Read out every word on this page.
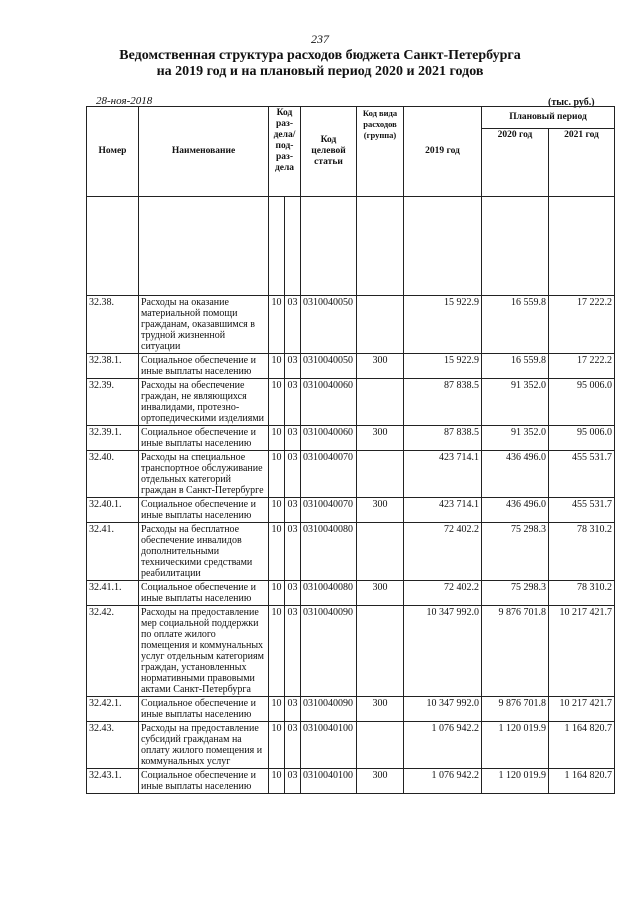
237
Ведомственная структура расходов бюджета Санкт-Петербурга
на 2019 год и на плановый период 2020 и 2021 годов
28-ноя-2018	(тыс. руб.)
Номер	Наименование	Код раз-дела/ под-раз-дела		Код целевой статьи	Код вида расходов (группа)	2019 год	Плановый период	
							2020 год	2021 год

32.38.	Расходы на оказание материальной помощи гражданам, оказавшимся в трудной жизненной ситуации	10	03	0310040050		15 922.9	16 559.8	17 222.2
32.38.1.	Социальное обеспечение и иные выплаты населению	10	03	0310040050	300	15 922.9	16 559.8	17 222.2
32.39.	Расходы на обеспечение граждан, не являющихся инвалидами, протезно-ортопедическими изделиями	10	03	0310040060		87 838.5	91 352.0	95 006.0
32.39.1.	Социальное обеспечение и иные выплаты населению	10	03	0310040060	300	87 838.5	91 352.0	95 006.0
32.40.	Расходы на специальное транспортное обслуживание отдельных категорий граждан в Санкт-Петербурге	10	03	0310040070		423 714.1	436 496.0	455 531.7
32.40.1.	Социальное обеспечение и иные выплаты населению	10	03	0310040070	300	423 714.1	436 496.0	455 531.7
32.41.	Расходы на бесплатное обеспечение инвалидов дополнительными техническими средствами реабилитации	10	03	0310040080		72 402.2	75 298.3	78 310.2
32.41.1.	Социальное обеспечение и иные выплаты населению	10	03	0310040080	300	72 402.2	75 298.3	78 310.2
32.42.	Расходы на предоставление мер социальной поддержки по оплате жилого помещения и коммунальных услуг отдельным категориям граждан, установленных нормативными правовыми актами Санкт-Петербурга	10	03	0310040090		10 347 992.0	9 876 701.8	10 217 421.7
32.42.1.	Социальное обеспечение и иные выплаты населению	10	03	0310040090	300	10 347 992.0	9 876 701.8	10 217 421.7
32.43.	Расходы на предоставление субсидий гражданам на оплату жилого помещения и коммунальных услуг	10	03	0310040100		1 076 942.2	1 120 019.9	1 164 820.7
32.43.1.	Социальное обеспечение и иные выплаты населению	10	03	0310040100	300	1 076 942.2	1 120 019.9	1 164 820.7
